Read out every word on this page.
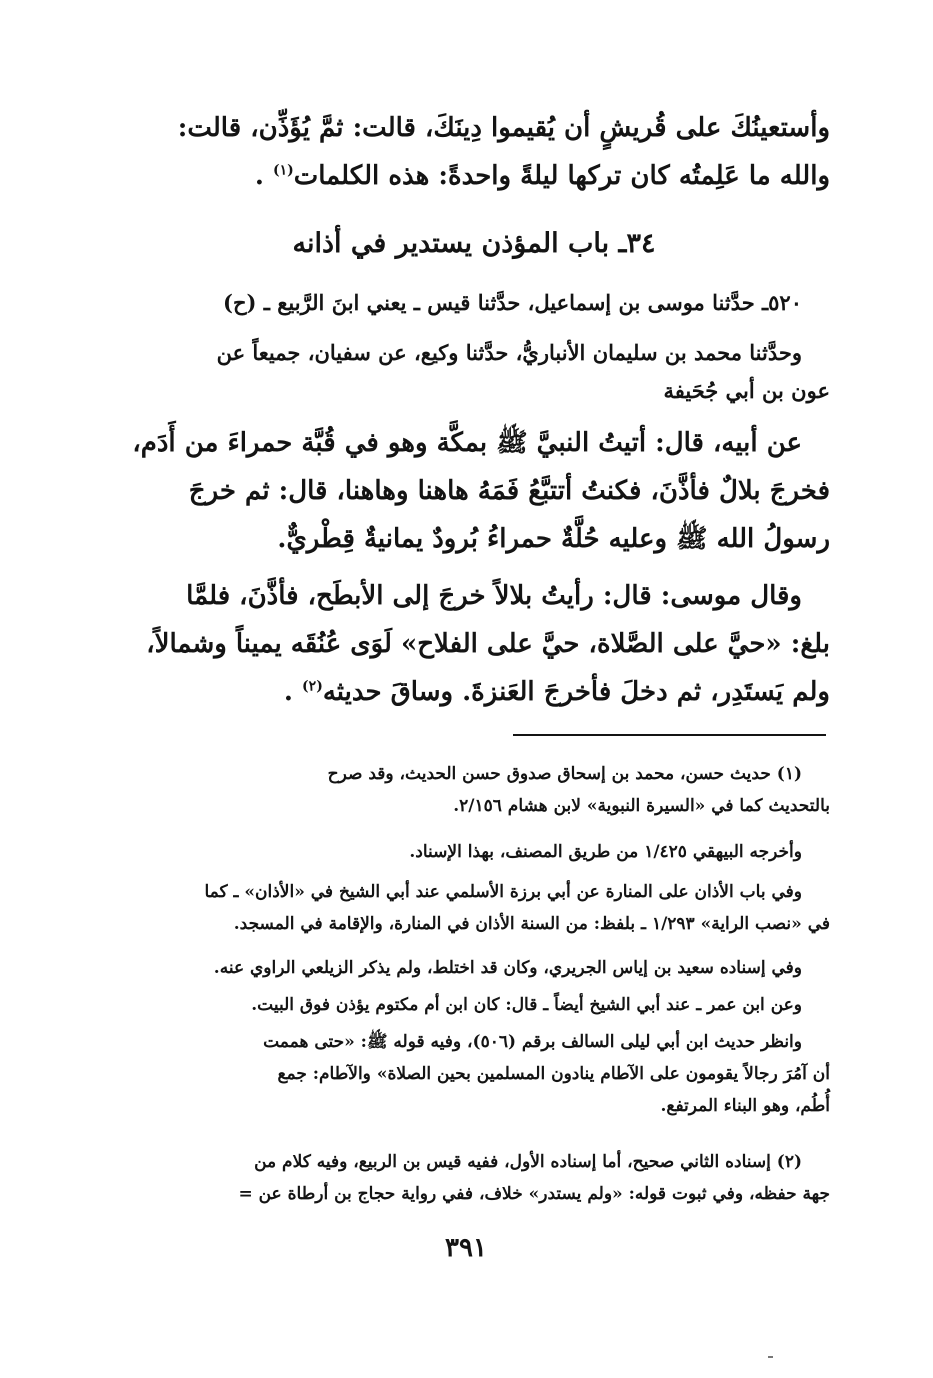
وأستعينُكَ على قُريشٍ أن يُقيموا دِينَكَ، قالت: ثمَّ يُؤَذِّن، قالت:
والله ما عَلِمتُه كان تركها ليلةً واحدةً: هذه الكلمات$^{(١)}$ .
٣٤ـ باب المؤذن يستدير في أذانه
٥٢٠ـ حدَّثنا موسى بن إسماعيل، حدَّثنا قيس ـ يعني ابنَ الرَّبيع ـ (ح)
وحدَّثنا محمد بن سليمان الأنباريُّ، حدَّثنا وكيع، عن سفيان، جميعاً عن
عون بن أبي جُحَيفة
عن أبيه، قال: أتيتُ النبيَّ ﷺ بمكَّة وهو في قُبَّة حمراءَ من أَدَم،
فخرجَ بلالٌ فأذَّنَ، فكنتُ أتتبَّعُ فَمَهُ هاهنا وهاهنا، قال: ثم خرجَ
رسولُ الله ﷺ وعليه حُلَّةٌ حمراءُ بُرودٌ يمانيةٌ قِطْريٌّ.
وقال موسى: قال: رأيتُ بلالاً خرجَ إلى الأبطَح، فأذَّنَ، فلمَّا
بلغ: «حيَّ على الصَّلاة، حيَّ على الفلاح» لَوَى عُنُقَه يميناً وشمالاً،
ولم يَستَدِر، ثم دخلَ فأخرجَ العَنزةَ. وساقَ حديثه$^{(٢)}$ .
(١) حديث حسن، محمد بن إسحاق صدوق حسن الحديث، وقد صرح
بالتحديث كما في «السيرة النبوية» لابن هشام ٢/١٥٦.
وأخرجه البيهقي ١/٤٢٥ من طريق المصنف، بهذا الإسناد.
وفي باب الأذان على المنارة عن أبي برزة الأسلمي عند أبي الشيخ في «الأذان» ـ كما
في «نصب الراية» ١/٢٩٣ ـ بلفظ: من السنة الأذان في المنارة، والإقامة في المسجد.
وفي إسناده سعيد بن إياس الجريري، وكان قد اختلط، ولم يذكر الزيلعي الراوي عنه.
وعن ابن عمر ـ عند أبي الشيخ أيضاً ـ قال: كان ابن أم مكتوم يؤذن فوق البيت.
وانظر حديث ابن أبي ليلى السالف برقم (٥٠٦)، وفيه قوله ﷺ: «حتى هممت
أن آمُرَ رجالاً يقومون على الآطام ينادون المسلمين بحين الصلاة» والآطام: جمع
أُطُم، وهو البناء المرتفع.
(٢) إسناده الثاني صحيح، أما إسناده الأول، ففيه قيس بن الربيع، وفيه كلام من
جهة حفظه، وفي ثبوت قوله: «ولم يستدر» خلاف، ففي رواية حجاج بن أرطاة عن =
٣٩١
